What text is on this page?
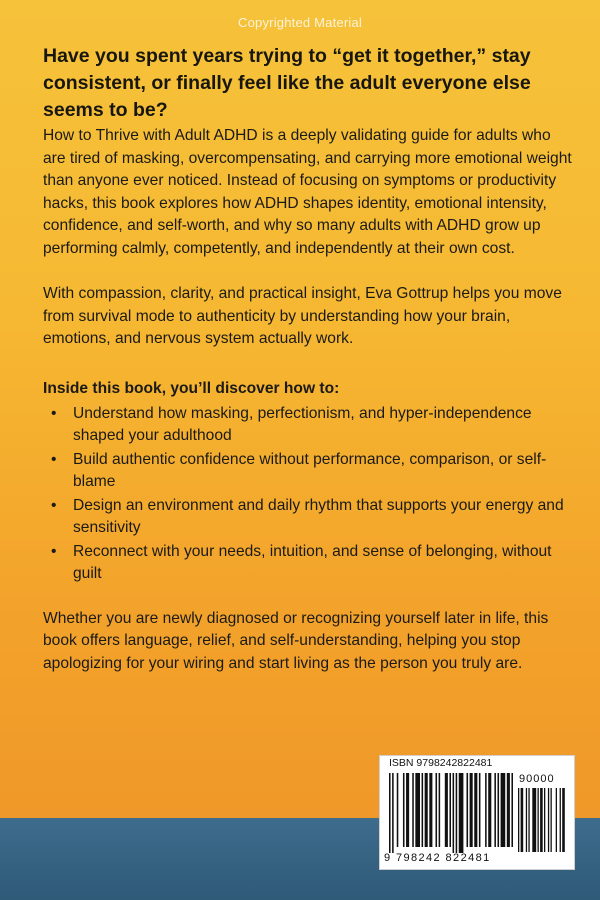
Copyrighted Material
Have you spent years trying to “get it together,” stay consistent, or finally feel like the adult everyone else seems to be?

How to Thrive with Adult ADHD is a deeply validating guide for adults who are tired of masking, overcompensating, and carrying more emotional weight than anyone ever noticed. Instead of focusing on symptoms or productivity hacks, this book explores how ADHD shapes identity, emotional intensity, confidence, and self-worth, and why so many adults with ADHD grow up performing calmly, competently, and independently at their own cost.

With compassion, clarity, and practical insight, Eva Gottrup helps you move from survival mode to authenticity by understanding how your brain, emotions, and nervous system actually work.

Inside this book, you’ll discover how to:
• Understand how masking, perfectionism, and hyper-independence shaped your adulthood
• Build authentic confidence without performance, comparison, or self-blame
• Design an environment and daily rhythm that supports your energy and sensitivity
• Reconnect with your needs, intuition, and sense of belonging, without guilt

Whether you are newly diagnosed or recognizing yourself later in life, this book offers language, relief, and self-understanding, helping you stop apologizing for your wiring and start living as the person you truly are.

ISBN 9798242822481
90000
9 798242 822481
